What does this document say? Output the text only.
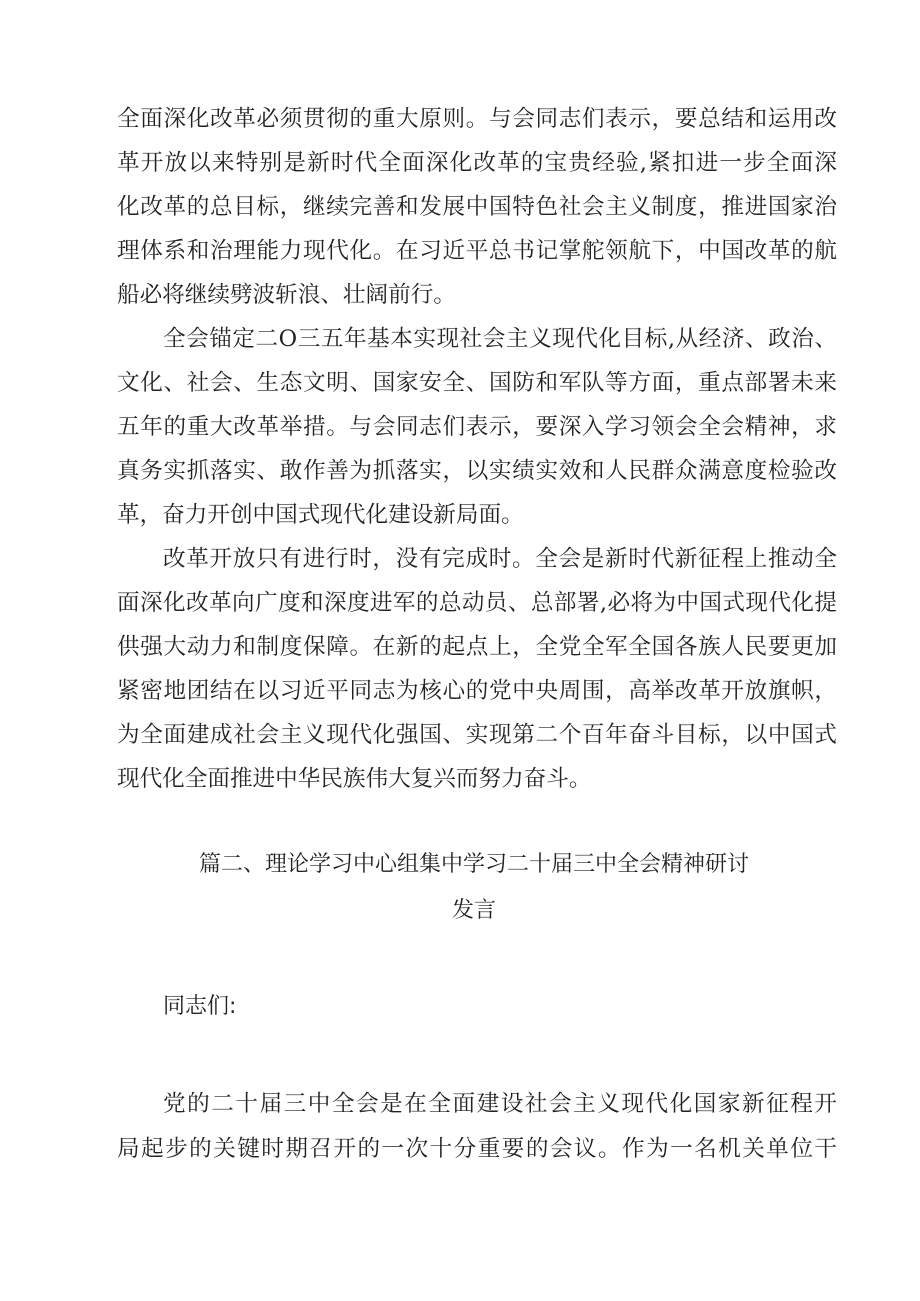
全面深化改革必须贯彻的重大原则。与会同志们表示，要总结和运用改
革开放以来特别是新时代全面深化改革的宝贵经验,紧扣进一步全面深
化改革的总目标，继续完善和发展中国特色社会主义制度，推进国家治
理体系和治理能力现代化。在习近平总书记掌舵领航下，中国改革的航
船必将继续劈波斩浪、壮阔前行。
全会锚定二O三五年基本实现社会主义现代化目标,从经济、政治、
文化、社会、生态文明、国家安全、国防和军队等方面，重点部署未来
五年的重大改革举措。与会同志们表示，要深入学习领会全会精神，求
真务实抓落实、敢作善为抓落实，以实绩实效和人民群众满意度检验改
革，奋力开创中国式现代化建设新局面。
改革开放只有进行时，没有完成时。全会是新时代新征程上推动全
面深化改革向广度和深度进军的总动员、总部署,必将为中国式现代化提
供强大动力和制度保障。在新的起点上，全党全军全国各族人民要更加
紧密地团结在以习近平同志为核心的党中央周围，高举改革开放旗帜，
为全面建成社会主义现代化强国、实现第二个百年奋斗目标，以中国式
现代化全面推进中华民族伟大复兴而努力奋斗。
篇二、理论学习中心组集中学习二十届三中全会精神研讨
发言
同志们:
党的二十届三中全会是在全面建设社会主义现代化国家新征程开
局起步的关键时期召开的一次十分重要的会议。作为一名机关单位干
